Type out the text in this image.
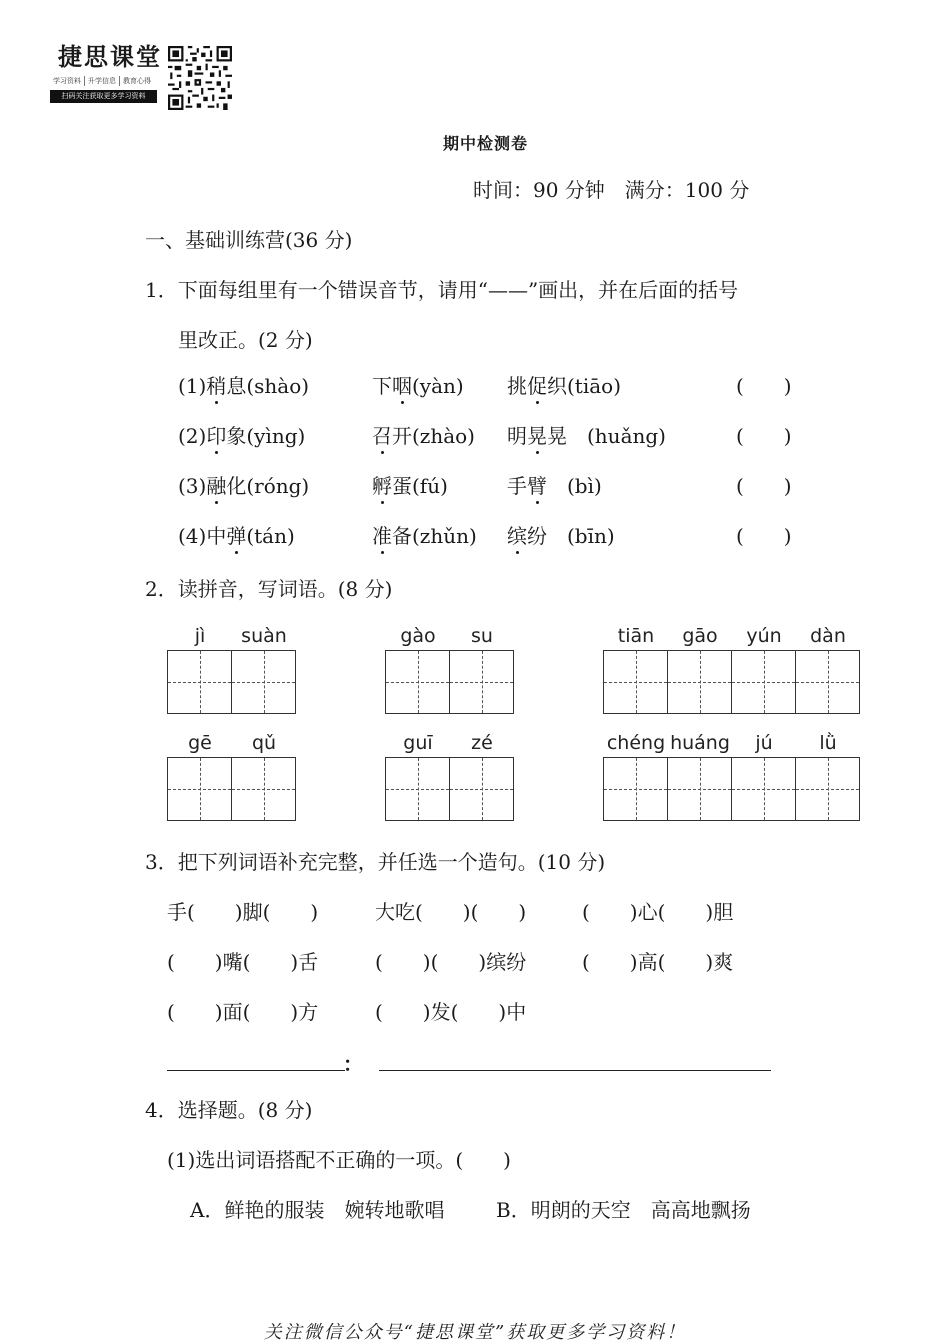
捷思课堂
学习资料	升学信息	教育心得
扫码关注获取更多学习资料
期中检测卷
时间：90 分钟　满分：100 分
一、基础训练营(36 分)
1．下面每组里有一个错误音节，请用“——”画出，并在后面的括号
里改正。(2 分)
(1)稍息(shào)	下咽(yàn) 挑促织(tiāo)	(　　)
(2)印象(yìng)	召开(zhào) 明晃晃　(huǎng)	(　　)
(3)融化(róng)	孵蛋(fú)	手臂　(bì)	(　　)
(4)中弹(tán)	准备(zhǔn) 缤纷　(bīn)	(　　)
2．读拼音，写词语。(8 分)
jì suàn	gào su	tiān gāo yún dàn
gē qǔ	guī zé	chéng huáng jú lǜ
3．把下列词语补充完整，并任选一个造句。(10 分)
手(　　)脚(　　)	大吃(　　)(　　)	(　　)心(　　)胆
(　　)嘴(　　)舌	(　　)(　　)缤纷	(　　)高(　　)爽
(　　)面(　　)方	(　　)发(　　)中
：
4．选择题。(8 分)
(1)选出词语搭配不正确的一项。(　　)
A．鲜艳的服装　婉转地歌唱	B．明朗的天空　高高地飘扬
关注微信公众号“捷思课堂”获取更多学习资料！
